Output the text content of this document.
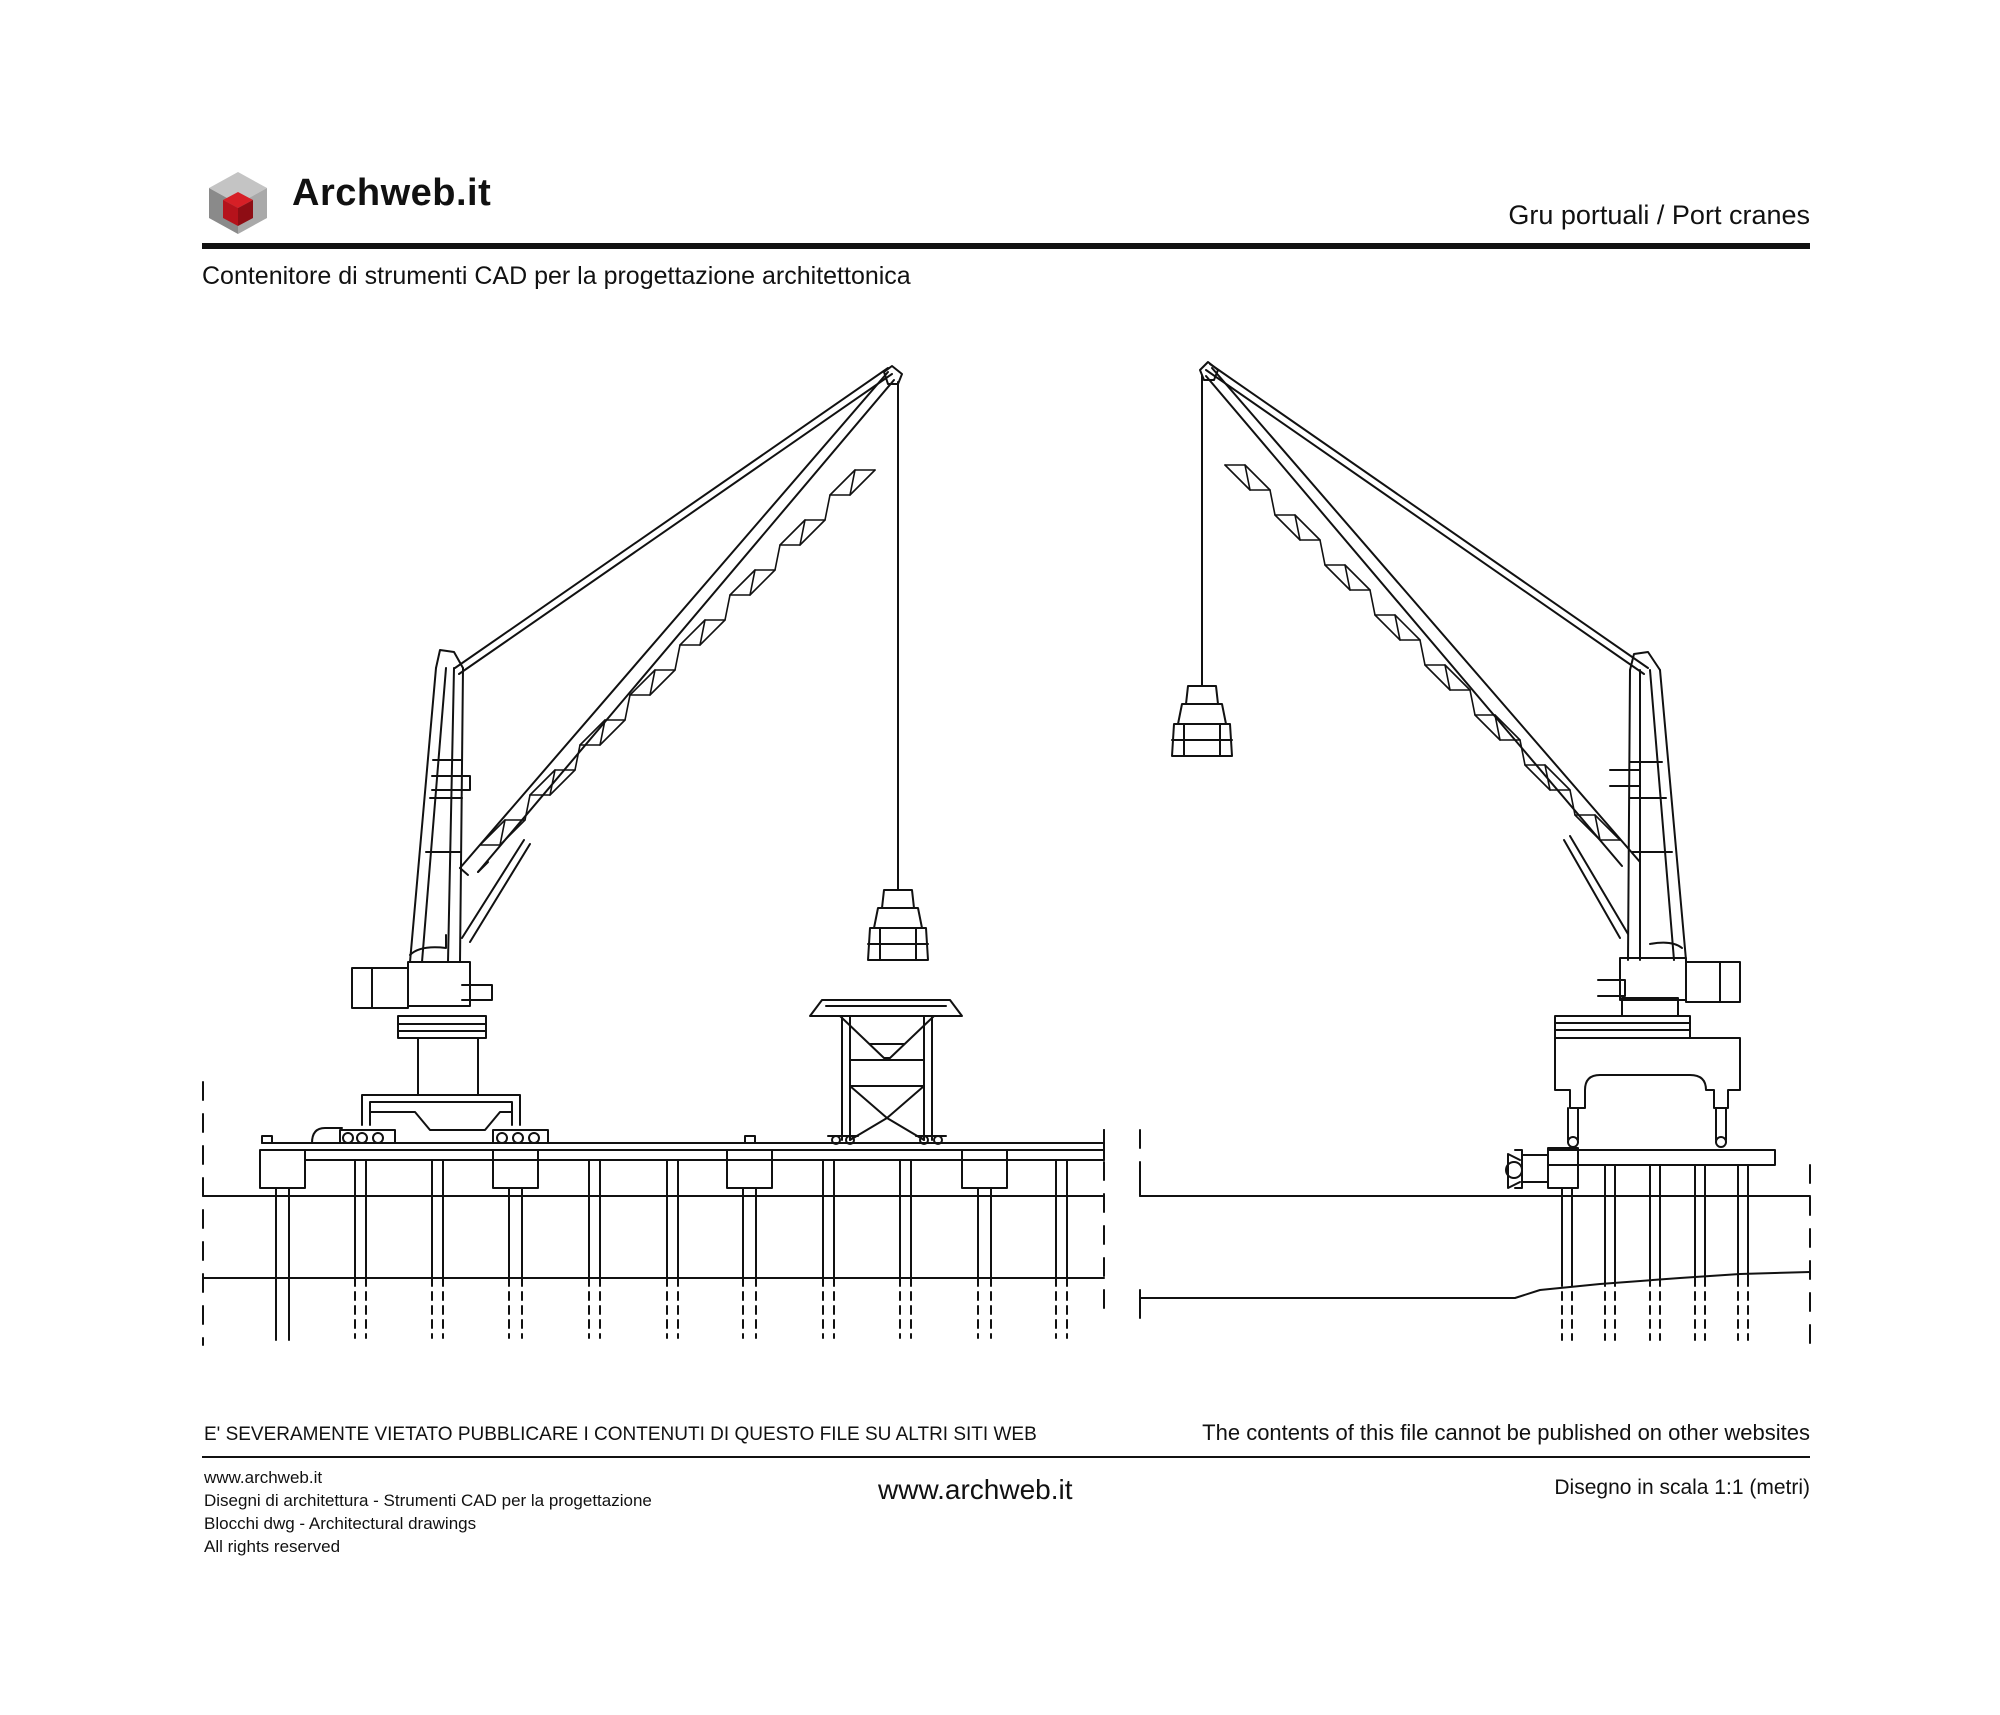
Archweb.it
Gru portuali / Port cranes
Contenitore di strumenti CAD per la progettazione architettonica
E' SEVERAMENTE VIETATO PUBBLICARE I CONTENUTI DI QUESTO FILE SU ALTRI SITI WEB	The contents of this file cannot be published on other websites
www.archweb.it
Disegni di architettura - Strumenti CAD per la progettazione
Blocchi dwg - Architectural drawings
All rights reserved
www.archweb.it	Disegno in scala 1:1 (metri)
